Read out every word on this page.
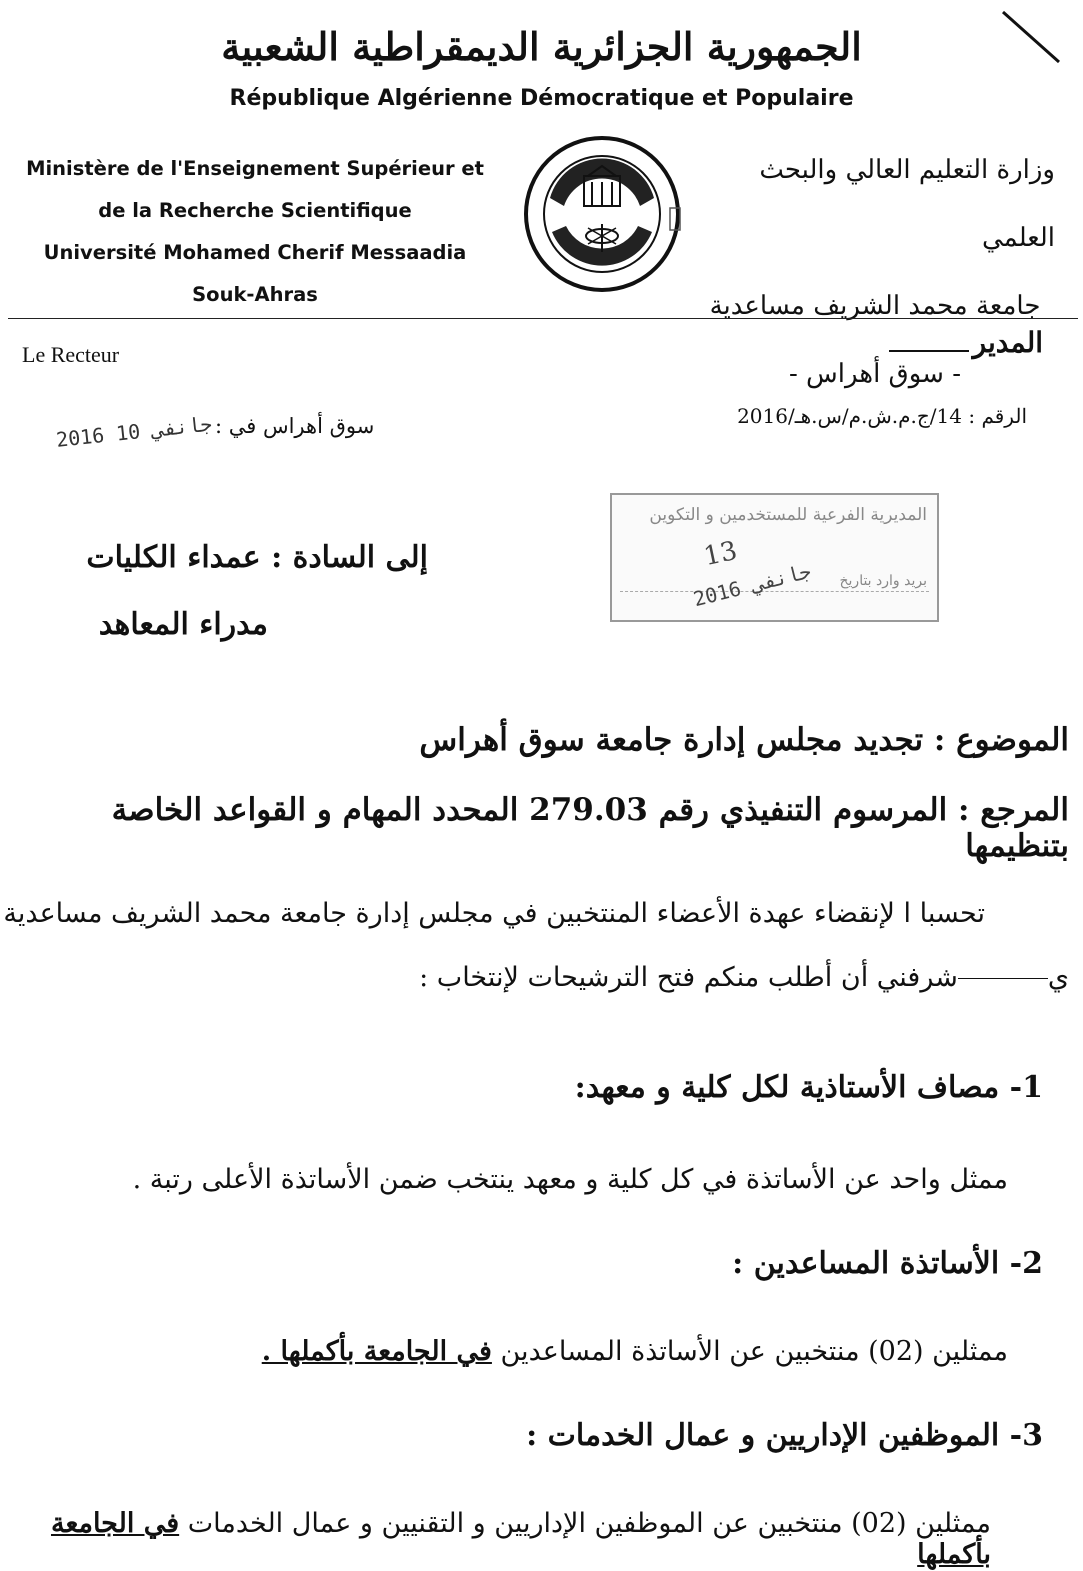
الجمهورية الجزائرية الديمقراطية الشعبية
République Algérienne Démocratique et Populaire
Ministère de l'Enseignement Supérieur et
de la Recherche Scientifique
Université Mohamed Cherif Messaadia
Souk-Ahras
وزارة التعليم العالي والبحث العلمي
جامعة محمد الشريف مساعدية
- سوق أهراس -
Le Recteur	المدير
الرقم : 14/ج.م.ش.م/س.هـ/2016
سوق أهراس في :
2016 جانفي 10
المديرية الفرعية للمستخدمين و التكوين
13
بريد وارد بتاريخ
2016 جانفي
إلى السادة : عمداء الكليات
مدراء المعاهد
الموضوع : تجديد مجلس إدارة جامعة سوق أهراس
المرجع : المرسوم التنفيذي رقم 279.03 المحدد المهام و القواعد الخاصة بتنظيمها
تحسبا ا لإنقضاء عهدة الأعضاء المنتخبين في مجلس إدارة جامعة محمد الشريف مساعدية
يشرفني أن أطلب منكم فتح الترشيحات لإنتخاب :
1- مصاف الأستاذية لكل كلية و معهد:
ممثل واحد عن الأساتذة في كل كلية و معهد ينتخب ضمن الأساتذة الأعلى رتبة .
2- الأساتذة المساعدين :
ممثلين (02) منتخبين عن الأساتذة المساعدين في الجامعة بأكملها .
3- الموظفين الإداريين و عمال الخدمات :
ممثلين (02) منتخبين عن الموظفين الإداريين و التقنيين و عمال الخدمات في الجامعة بأكملها
